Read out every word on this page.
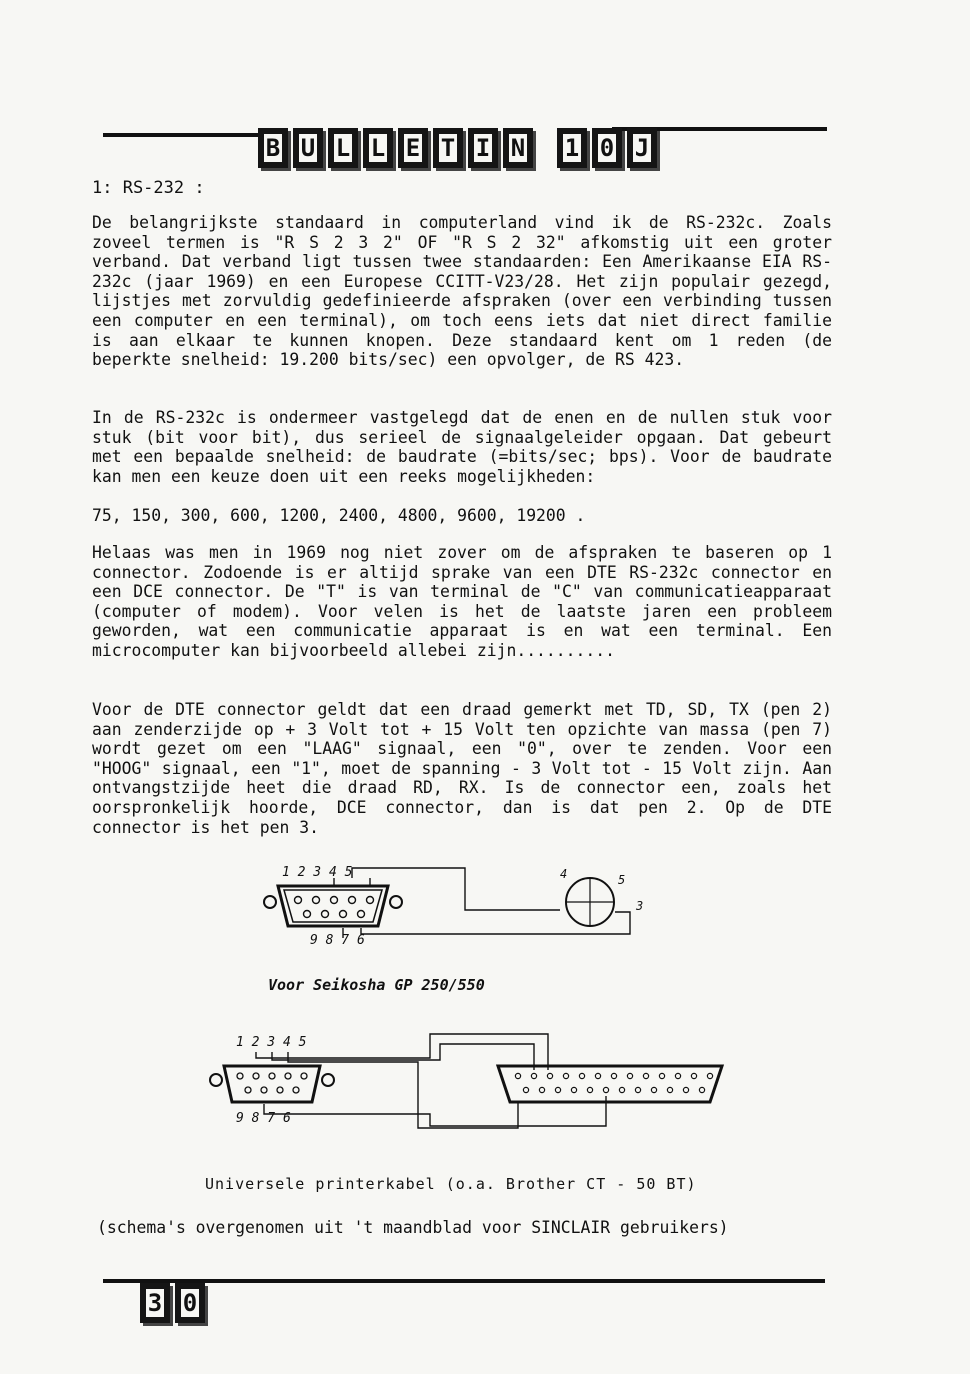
B U L L E T I N 1 0 J
1: RS-232 :

De belangrijkste standaard in computerland vind ik de RS-232c. Zoals zoveel termen is "R S 2 3 2" OF "R S 2 32" afkomstig uit een groter verband. Dat verband ligt tussen twee standaarden: Een Amerikaanse EIA RS-232c (jaar 1969) en een Europese CCITT-V23/28. Het zijn populair gezegd, lijstjes met zorvuldig gedefinieerde afspraken (over een verbinding tussen een computer en een terminal), om toch eens iets dat niet direct familie is aan elkaar te kunnen knopen. Deze standaard kent om 1 reden (de beperkte snelheid: 19.200 bits/sec) een opvolger, de RS 423.

In de RS-232c is ondermeer vastgelegd dat de enen en de nullen stuk voor stuk (bit voor bit), dus serieel de signaalgeleider opgaan. Dat gebeurt met een bepaalde snelheid: de baudrate (=bits/sec; bps). Voor de baudrate kan men een keuze doen uit een reeks mogelijkheden:

75, 150, 300, 600, 1200, 2400, 4800, 9600, 19200 .

Helaas was men in 1969 nog niet zover om de afspraken te baseren op 1 connector. Zodoende is er altijd sprake van een DTE RS-232c connector en een DCE connector. De "T" is van terminal de "C" van communicatieapparaat (computer of modem). Voor velen is het de laatste jaren een probleem geworden, wat een communicatie apparaat is en wat een terminal. Een microcomputer kan bijvoorbeeld allebei zijn..........

Voor de DTE connector geldt dat een draad gemerkt met TD, SD, TX (pen 2) aan zenderzijde op + 3 Volt tot + 15 Volt ten opzichte van massa (pen 7) wordt gezet om een "LAAG" signaal, een "0", over te zenden. Voor een "HOOG" signaal, een "1", moet de spanning - 3 Volt tot - 15 Volt zijn. Aan ontvangstzijde heet die draad RD, RX. Is de connector een, zoals het oorspronkelijk hoorde, DCE connector, dan is dat pen 2. Op de DTE connector is het pen 3.

1 2 3 4 5
9 8 7 6
4	5
3
Voor Seikosha GP 250/550
1 2 3 4 5
9 8 7 6
Universele printerkabel (o.a. Brother CT - 50 BT)
(schema's overgenomen uit 't maandblad voor SINCLAIR gebruikers)
3 0
